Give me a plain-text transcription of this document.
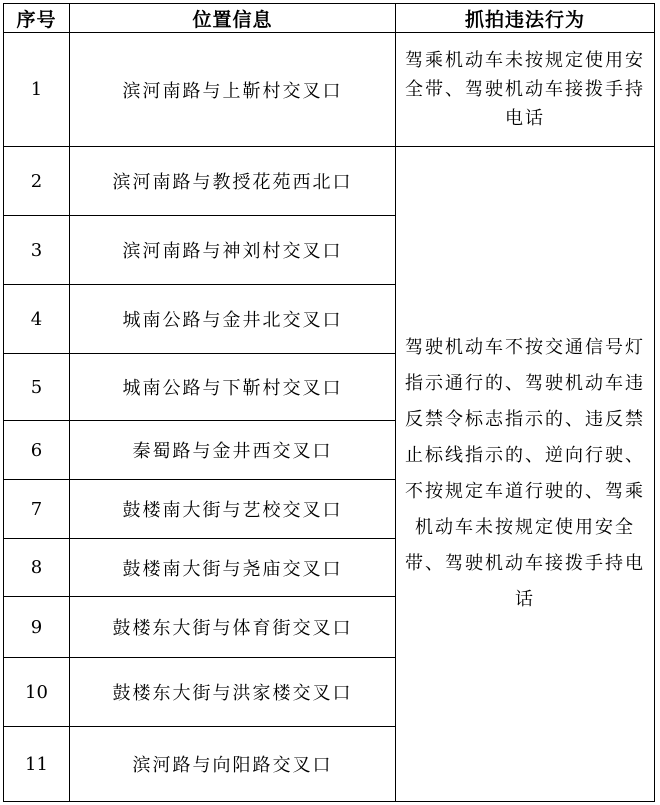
序号	位置信息	抓拍违法行为
1	滨河南路与上靳村交叉口	驾乘机动车未按规定使用安全带、驾驶机动车接拨手持电话

2	滨河南路与教授花苑西北口	驾驶机动车不按交通信号灯指示通行的、驾驶机动车违反禁令标志指示的、违反禁止标线指示的、逆向行驶、不按规定车道行驶的、驾乘机动车未按规定使用安全带、驾驶机动车接拨手持电话

3	滨河南路与神刘村交叉口	
4	城南公路与金井北交叉口	
5	城南公路与下靳村交叉口	
6	秦蜀路与金井西交叉口	
7	鼓楼南大街与艺校交叉口	
8	鼓楼南大街与尧庙交叉口	
9	鼓楼东大街与体育街交叉口	
10	鼓楼东大街与洪家楼交叉口	
11	滨河路与向阳路交叉口	
